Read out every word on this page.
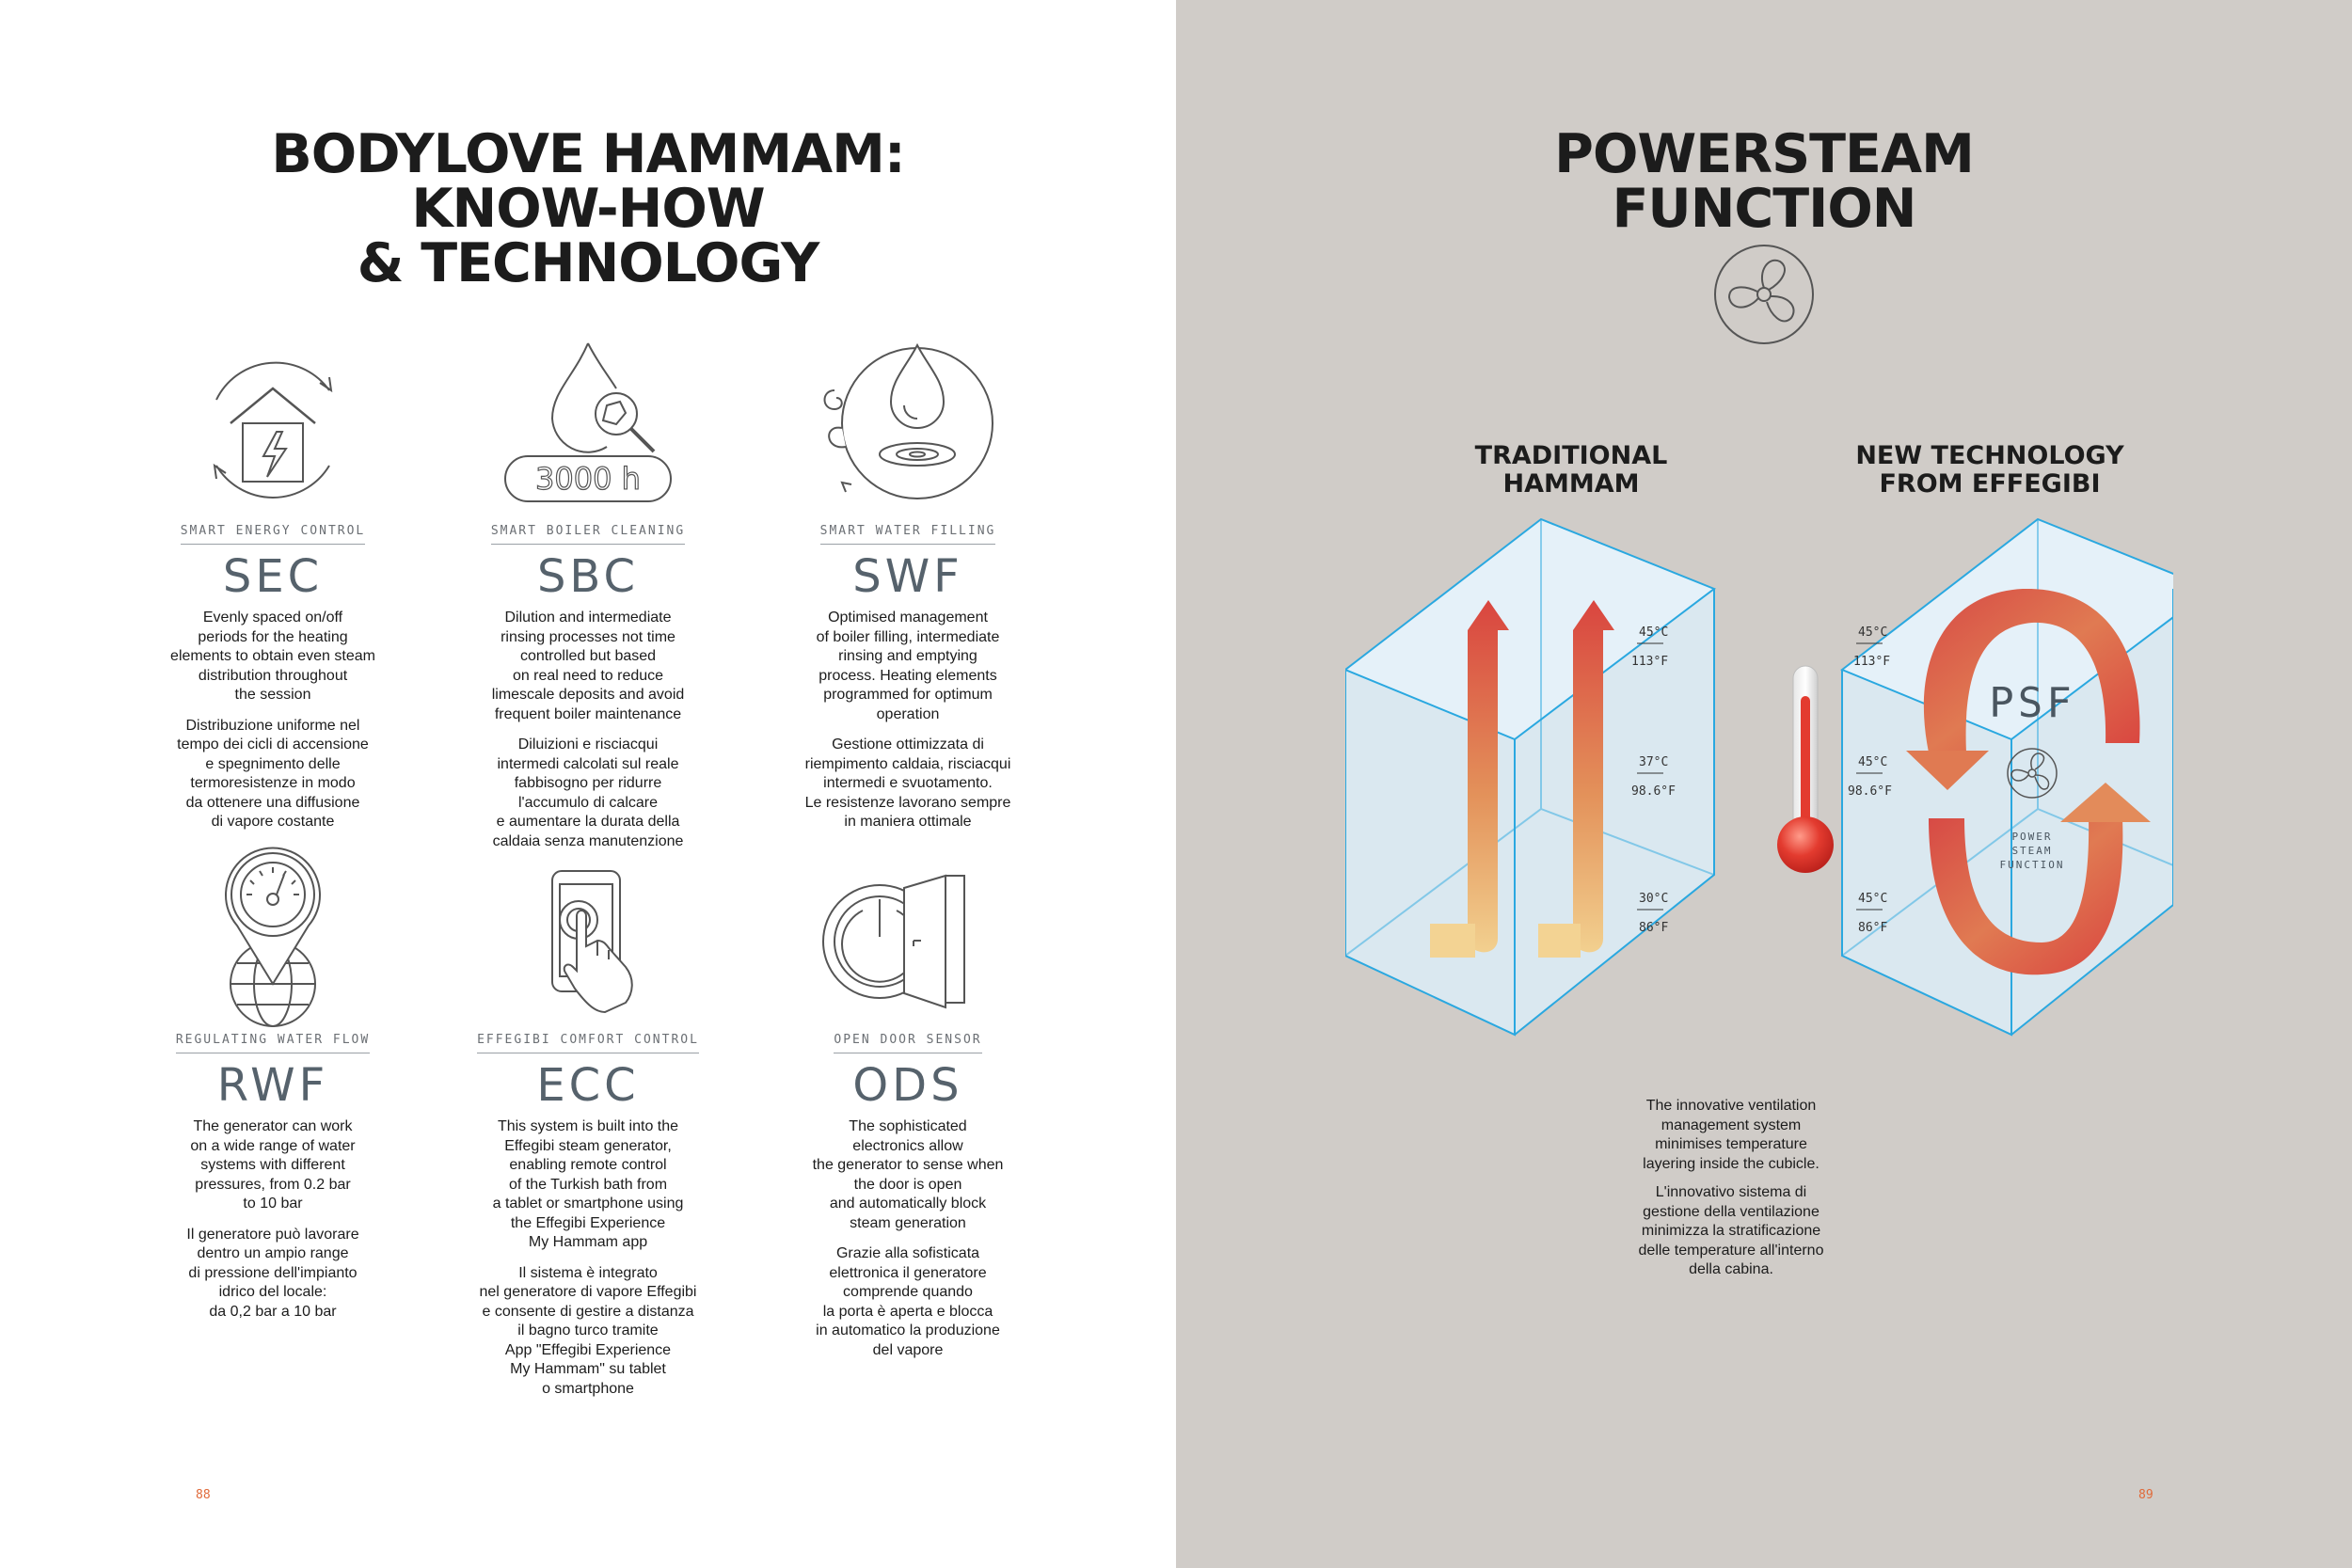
BODYLOVE HAMMAM:
KNOW-HOW
& TECHNOLOGY
SMART ENERGY CONTROL
SEC
Evenly spaced on/off
periods for the heating
elements to obtain even steam
distribution throughout
the session
Distribuzione uniforme nel
tempo dei cicli di accensione
e spegnimento delle
termoresistenze in modo
da ottenere una diffusione
di vapore costante
3000 h
SMART BOILER CLEANING
SBC
Dilution and intermediate
rinsing processes not time
controlled but based
on real need to reduce
limescale deposits and avoid
frequent boiler maintenance
Diluizioni e risciacqui
intermedi calcolati sul reale
fabbisogno per ridurre
l'accumulo di calcare
e aumentare la durata della
caldaia senza manutenzione
SMART WATER FILLING
SWF
Optimised management
of boiler filling, intermediate
rinsing and emptying
process. Heating elements
programmed for optimum
operation
Gestione ottimizzata di
riempimento caldaia, risciacqui
intermedi e svuotamento.
Le resistenze lavorano sempre
in maniera ottimale
REGULATING WATER FLOW
RWF
The generator can work
on a wide range of water
systems with different
pressures, from 0.2 bar
to 10 bar
Il generatore può lavorare
dentro un ampio range
di pressione dell'impianto
idrico del locale:
da 0,2 bar a 10 bar
EFFEGIBI COMFORT CONTROL
ECC
This system is built into the
Effegibi steam generator,
enabling remote control
of the Turkish bath from
a tablet or smartphone using
the Effegibi Experience
My Hammam app
Il sistema è integrato
nel generatore di vapore Effegibi
e consente di gestire a distanza
il bagno turco tramite
App "Effegibi Experience
My Hammam" su tablet
o smartphone
OPEN DOOR SENSOR
ODS
The sophisticated
electronics allow
the generator to sense when
the door is open
and automatically block
steam generation
Grazie alla sofisticata
elettronica il generatore
comprende quando
la porta è aperta e blocca
in automatico la produzione
del vapore
88
POWERSTEAM
FUNCTION
TRADITIONAL
HAMMAM
NEW TECHNOLOGY
FROM EFFEGIBI
45°C
113°F
37°C
98.6°F
30°C
86°F
PSF
POWER
STEAM
FUNCTION
45°C
113°F
45°C
98.6°F
45°C
86°F
The innovative ventilation
management system
minimises temperature
layering inside the cubicle.
L'innovativo sistema di
gestione della ventilazione
minimizza la stratificazione
delle temperature all'interno
della cabina.
89
